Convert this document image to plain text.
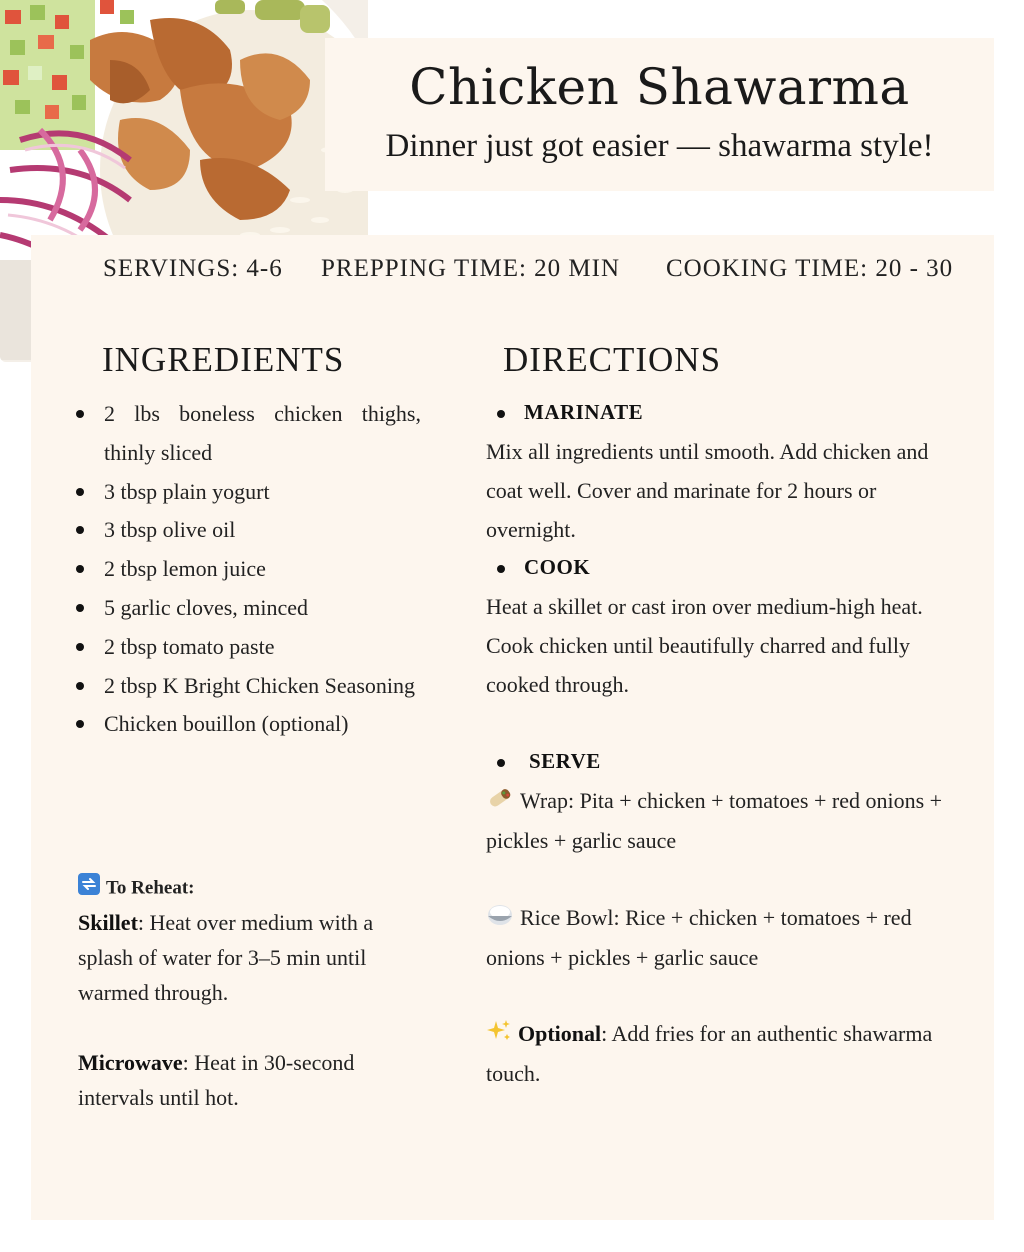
Chicken Shawarma
Dinner just got easier — shawarma style!
SERVINGS: 4-6 PREPPING TIME: 20 MIN COOKING TIME: 20 - 30
INGREDIENTS
2 lbs boneless chicken thighs, thinly sliced
3 tbsp plain yogurt
3 tbsp olive oil
2 tbsp lemon juice
5 garlic cloves, minced
2 tbsp tomato paste
2 tbsp K Bright Chicken Seasoning
Chicken bouillon (optional)
To Reheat:
Skillet: Heat over medium with a splash of water for 3–5 min until warmed through.
Microwave: Heat in 30-second intervals until hot.
DIRECTIONS
MARINATE
Mix all ingredients until smooth. Add chicken and coat well. Cover and marinate for 2 hours or overnight.
COOK
Heat a skillet or cast iron over medium-high heat. Cook chicken until beautifully charred and fully cooked through.
SERVE
Wrap: Pita + chicken + tomatoes + red onions + pickles + garlic sauce
Rice Bowl: Rice + chicken + tomatoes + red onions + pickles + garlic sauce
Optional: Add fries for an authentic shawarma touch.
